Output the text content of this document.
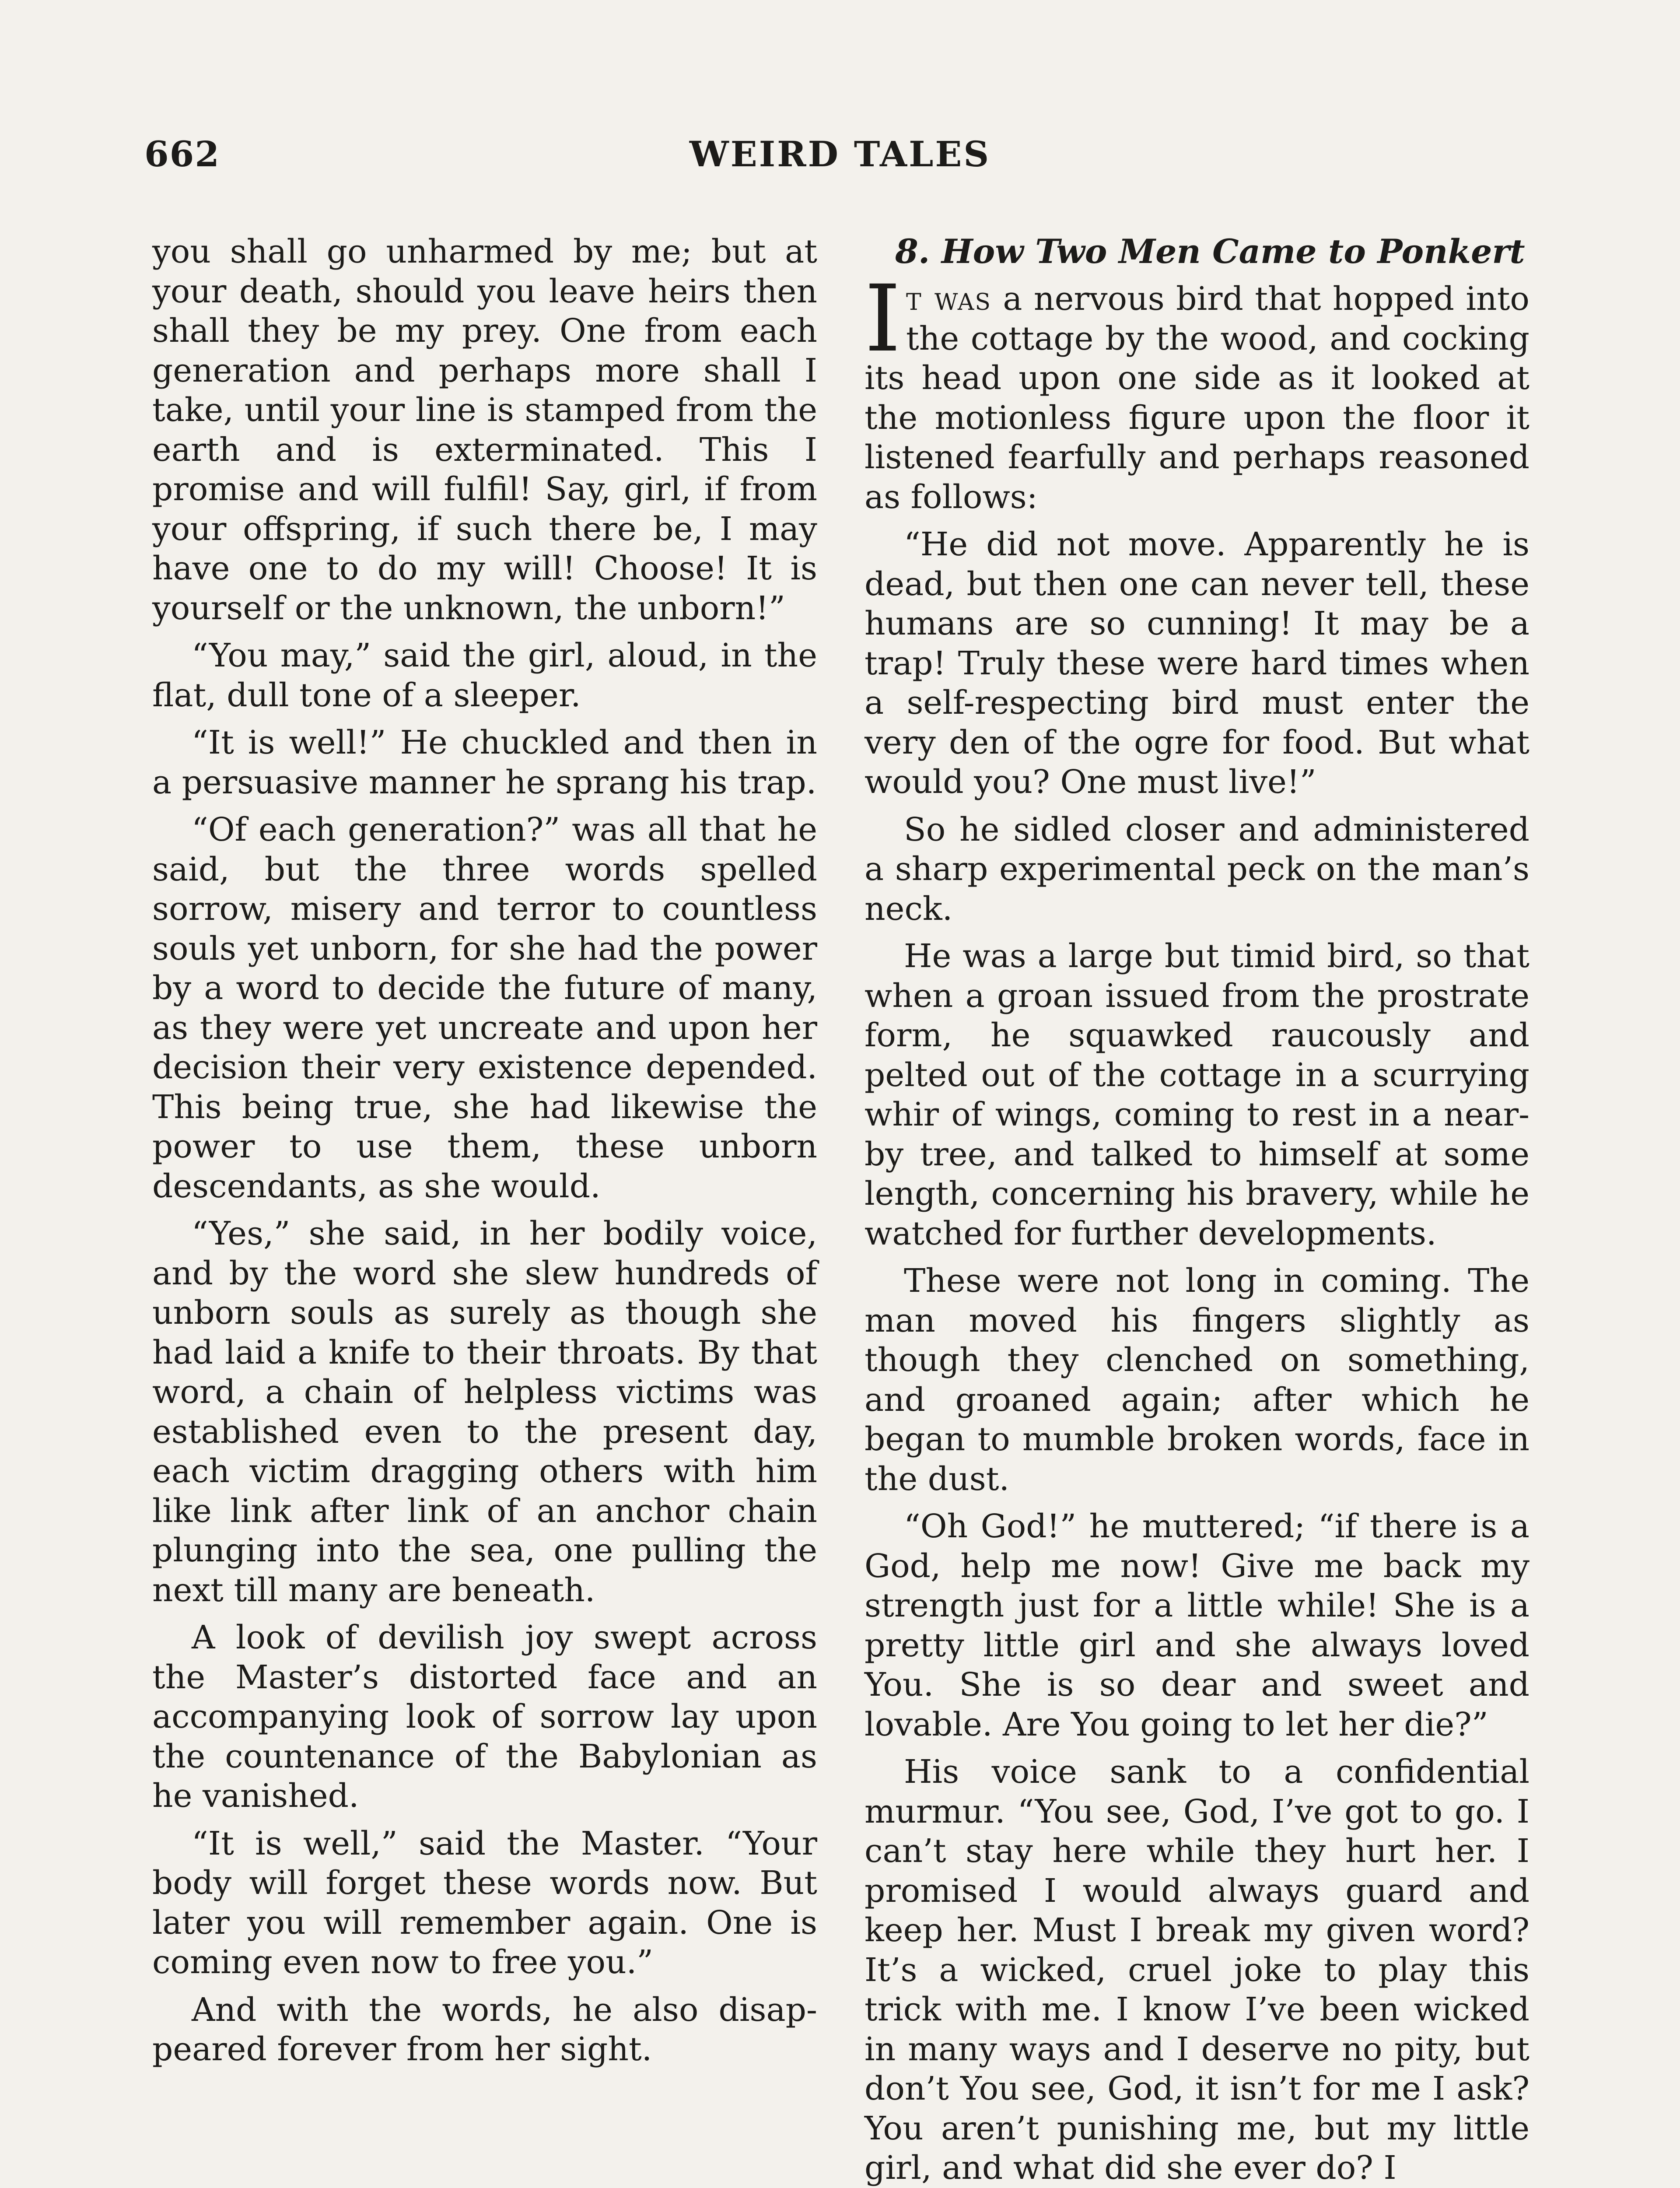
662	WEIRD TALES

you shall go unharmed by me; but at your death, should you leave heirs then shall they be my prey. One from each generation and perhaps more shall I take, until your line is stamped from the earth and is exterminated. This I promise and will fulfil! Say, girl, if from your offspring, if such there be, I may have one to do my will! Choose! It is yourself or the unknown, the unborn!”

“You may,” said the girl, aloud, in the flat, dull tone of a sleeper.

“It is well!” He chuckled and then in a persuasive manner he sprang his trap.

“Of each generation?” was all that he said, but the three words spelled sorrow, misery and terror to countless souls yet unborn, for she had the power by a word to decide the future of many, as they were yet uncreate and upon her decision their very existence depended. This being true, she had likewise the power to use them, these unborn descendants, as she would.

“Yes,” she said, in her bodily voice, and by the word she slew hundreds of unborn souls as surely as though she had laid a knife to their throats. By that word, a chain of helpless victims was established even to the present day, each victim dragging others with him like link after link of an anchor chain plunging into the sea, one pulling the next till many are beneath.

A look of devilish joy swept across the Master’s distorted face and an accompanying look of sorrow lay upon the countenance of the Babylonian as he vanished.

“It is well,” said the Master. “Your body will forget these words now. But later you will remember again. One is coming even now to free you.”

And with the words, he also disappeared forever from her sight.

8. How Two Men Came to Ponkert

It was a nervous bird that hopped into the cottage by the wood, and cocking its head upon one side as it looked at the motionless figure upon the floor it listened fearfully and perhaps reasoned as follows:

“He did not move. Apparently he is dead, but then one can never tell, these humans are so cunning! It may be a trap! Truly these were hard times when a self-respecting bird must enter the very den of the ogre for food. But what would you? One must live!”

So he sidled closer and administered a sharp experimental peck on the man’s neck.

He was a large but timid bird, so that when a groan issued from the prostrate form, he squawked raucously and pelted out of the cottage in a scurrying whir of wings, coming to rest in a near-by tree, and talked to himself at some length, concerning his bravery, while he watched for further developments.

These were not long in coming. The man moved his fingers slightly as though they clenched on something, and groaned again; after which he began to mumble broken words, face in the dust.

“Oh God!” he muttered; “if there is a God, help me now! Give me back my strength just for a little while! She is a pretty little girl and she always loved You. She is so dear and sweet and lovable. Are You going to let her die?”

His voice sank to a confidential murmur. “You see, God, I’ve got to go. I can’t stay here while they hurt her. I promised I would always guard and keep her. Must I break my given word? It’s a wicked, cruel joke to play this trick with me. I know I’ve been wicked in many ways and I deserve no pity, but don’t You see, God, it isn’t for me I ask? You aren’t punishing me, but my little girl, and what did she ever do? I
